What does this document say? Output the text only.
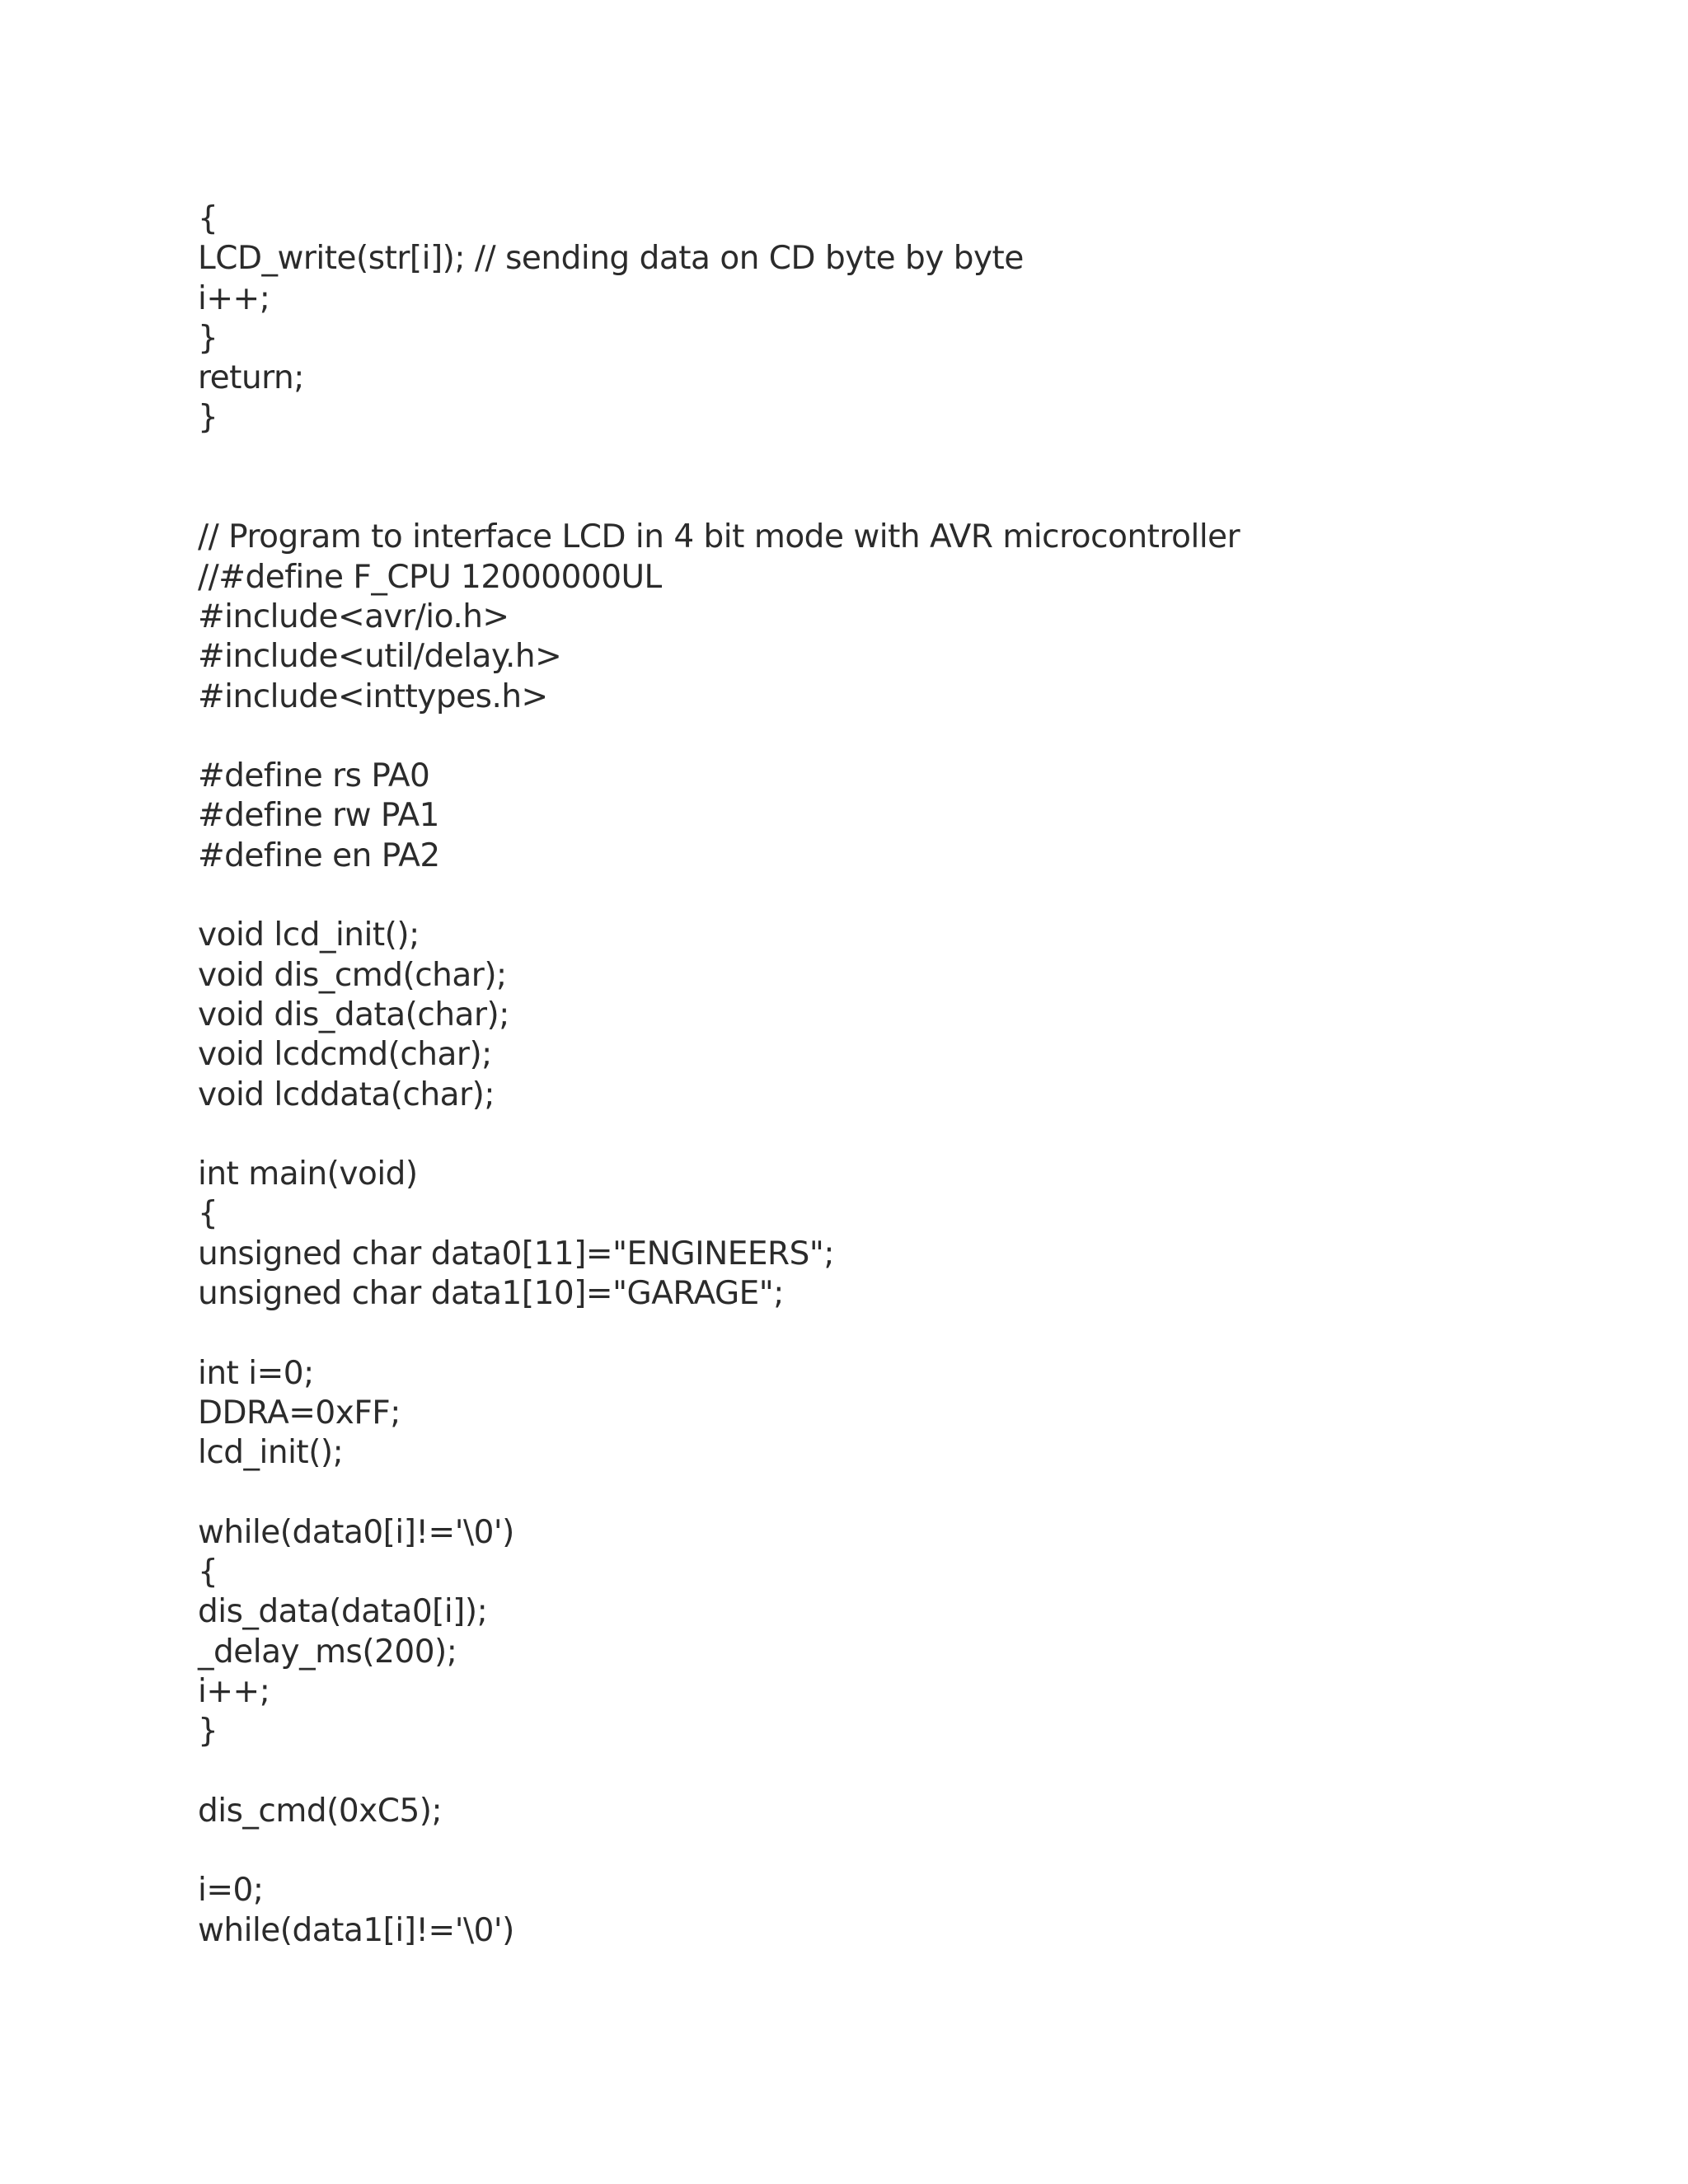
{
LCD_write(str[i]); // sending data on CD byte by byte
i++;
}
return;
}
// Program to interface LCD in 4 bit mode with AVR microcontroller
//#define F_CPU 12000000UL
#include<avr/io.h>
#include<util/delay.h>
#include<inttypes.h>
#define rs PA0
#define rw PA1
#define en PA2
void lcd_init();
void dis_cmd(char);
void dis_data(char);
void lcdcmd(char);
void lcddata(char);
int main(void)
{
unsigned char data0[11]="ENGINEERS";
unsigned char data1[10]="GARAGE";
int i=0;
DDRA=0xFF;
lcd_init();
while(data0[i]!='\0')
{
dis_data(data0[i]);
_delay_ms(200);
i++;
}
dis_cmd(0xC5);
i=0;
while(data1[i]!='\0')
